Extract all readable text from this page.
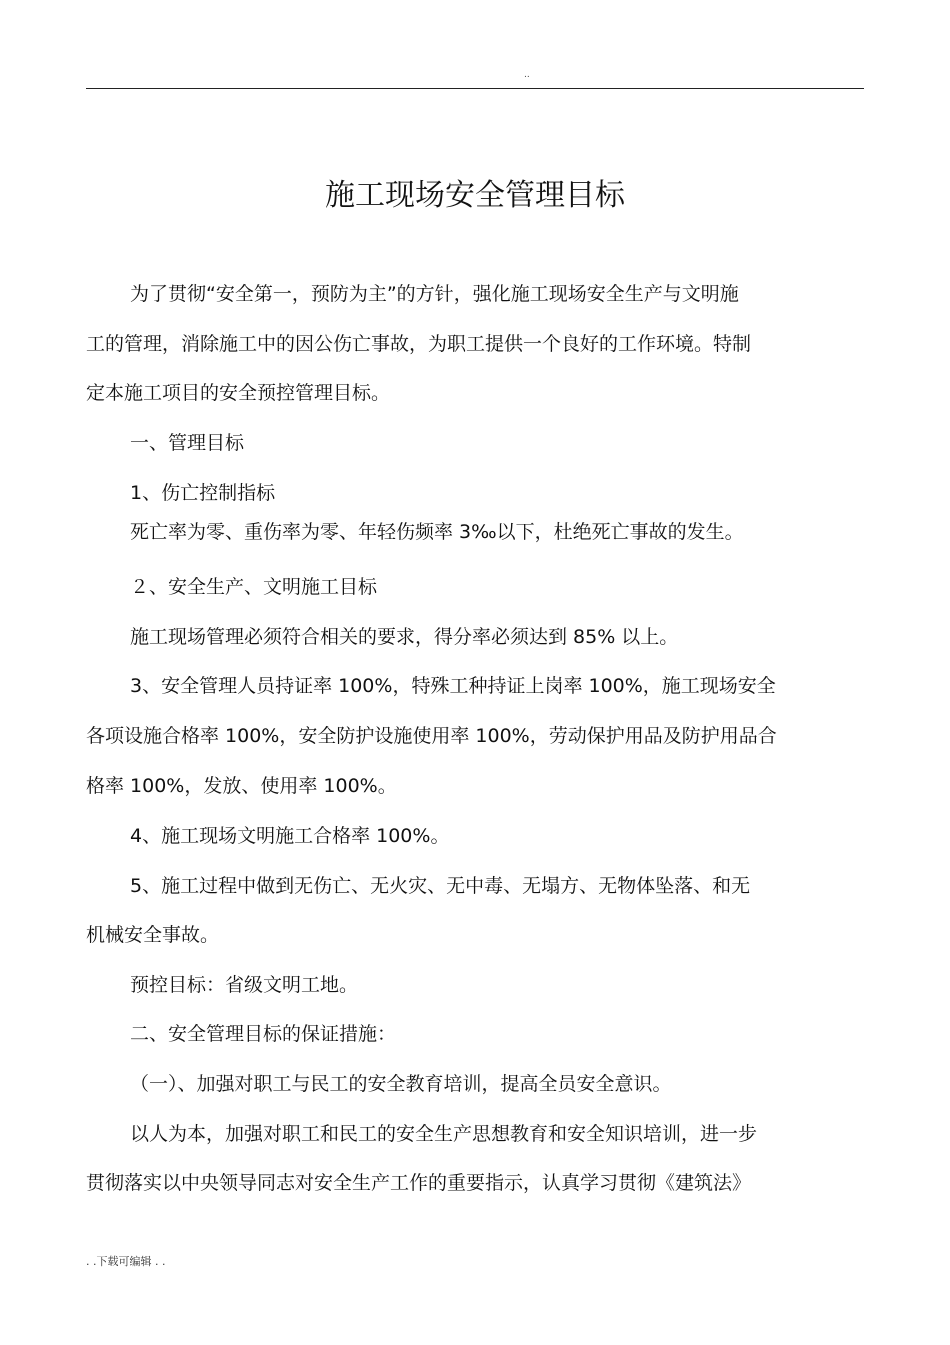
..
施工现场安全管理目标
为了贯彻“安全第一，预防为主”的方针，强化施工现场安全生产与文明施
工的管理，消除施工中的因公伤亡事故，为职工提供一个良好的工作环境。特制
定本施工项目的安全预控管理目标。
一、管理目标
1、伤亡控制指标
死亡率为零、重伤率为零、年轻伤频率 3‰以下，杜绝死亡事故的发生。
２、安全生产、文明施工目标
施工现场管理必须符合相关的要求，得分率必须达到 85% 以上。
3、安全管理人员持证率 100%，特殊工种持证上岗率 100%，施工现场安全
各项设施合格率 100%，安全防护设施使用率 100%，劳动保护用品及防护用品合
格率 100%，发放、使用率 100%。
4、施工现场文明施工合格率 100%。
5、施工过程中做到无伤亡、无火灾、无中毒、无塌方、无物体坠落、和无
机械安全事故。
预控目标：省级文明工地。
二、安全管理目标的保证措施：
（一）、加强对职工与民工的安全教育培训，提高全员安全意识。
以人为本，加强对职工和民工的安全生产思想教育和安全知识培训，进一步
贯彻落实以中央领导同志对安全生产工作的重要指示，认真学习贯彻《建筑法》
. .下载可编辑 . .
